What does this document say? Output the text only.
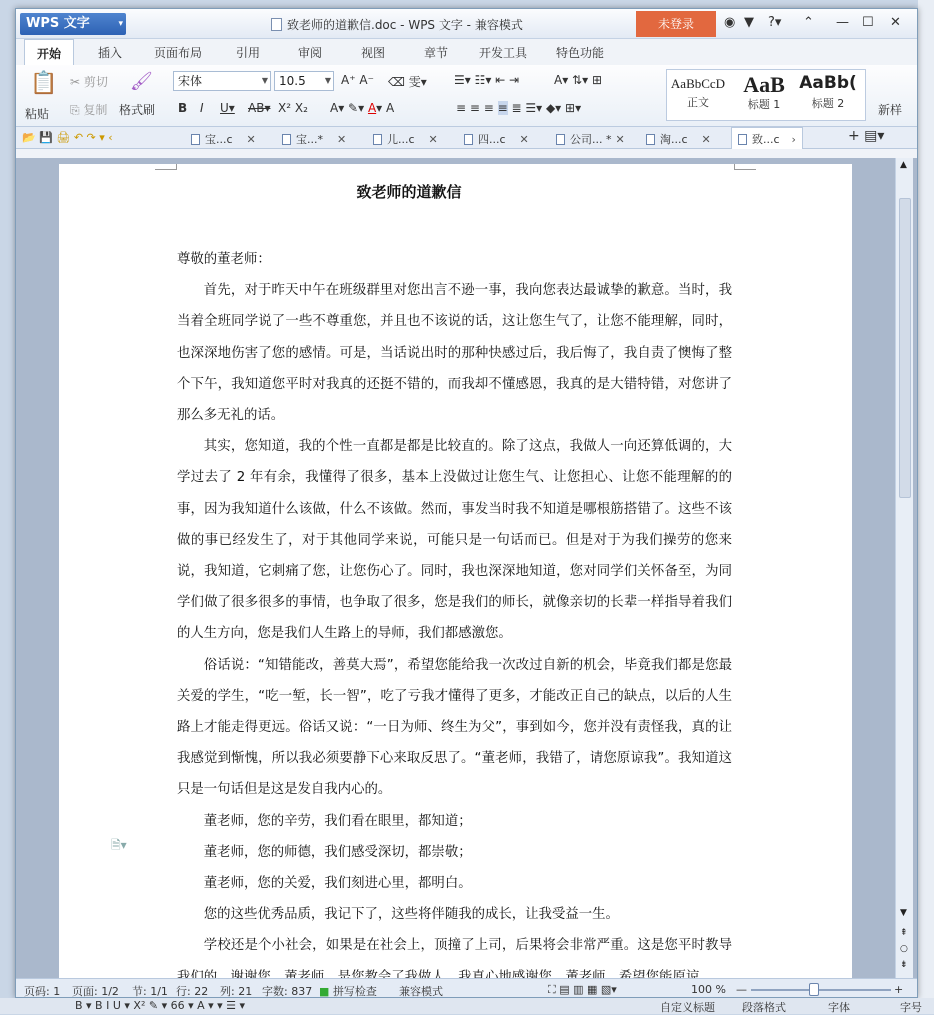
WPS 文字	▾	致老师的道歉信.doc - WPS 文字 - 兼容模式	未登录	◉ ▼ ?▾ ⌃ — ☐ ✕
开始	插入	页面布局	引用	审阅	视图	章节	开发工具 特色功能
📋
粘贴
✂ 剪切
⎘ 复制
🖌
格式刷
宋体	▼ 10.5 ▼ A⁺ A⁻ ⌫ 雯▾
B I U▾ AB▾ X² X₂ A▾ ✎▾ A▾ A
☰▾ ☷▾ ⇤ ⇥	A▾ ⇅▾ ⊞
≡ ≡ ≡ ≡ ≣ ☰▾ ◆▾ ⊞▾
AaBbCcD
正文
AaB
标题 1
AaBb(
标题 2	新样
📂 💾 🖨 ↶ ↷ ▾ ‹	宝...c ✕	宝...* ✕	儿...c ✕	四...c ✕	公司... * ✕	淘...c ✕	致...c ›	+ ▤▾
致老师的道歉信

尊敬的董老师：

首先，对于昨天中午在班级群里对您出言不逊一事，我向您表达最诚挚的歉意。当时，我当着全班同学说了一些不尊重您，并且也不该说的话，这让您生气了，让您不能理解，同时，也深深地伤害了您的感情。可是，当话说出时的那种快感过后，我后悔了，我自责了懊悔了整个下午，我知道您平时对我真的还挺不错的，而我却不懂感恩，我真的是大错特错，对您讲了那么多无礼的话。

其实，您知道，我的个性一直都是都是比较直的。除了这点，我做人一向还算低调的，大学过去了 2 年有余，我懂得了很多，基本上没做过让您生气、让您担心、让您不能理解的的事，因为我知道什么该做，什么不该做。然而，事发当时我不知道是哪根筋搭错了。这些不该做的事已经发生了，对于其他同学来说，可能只是一句话而已。但是对于为我们操劳的您来说，我知道，它刺痛了您，让您伤心了。同时，我也深深地知道，您对同学们关怀备至，为同学们做了很多很多的事情，也争取了很多，您是我们的师长，就像亲切的长辈一样指导着我们的人生方向，您是我们人生路上的导师，我们都感激您。

俗话说：“知错能改，善莫大焉”，希望您能给我一次改过自新的机会，毕竟我们都是您最关爱的学生，“吃一堑，长一智”，吃了亏我才懂得了更多，才能改正自己的缺点，以后的人生路上才能走得更远。俗话又说：“一日为师、终生为父”，事到如今，您并没有责怪我，真的让我感觉到惭愧，所以我必须要静下心来取反思了。“董老师，我错了，请您原谅我”。我知道这只是一句话但是这是发自我内心的。

董老师，您的辛劳，我们看在眼里，都知道；

董老师，您的师德，我们感受深切，都崇敬；

董老师，您的关爱，我们刻进心里，都明白。

您的这些优秀品质，我记下了，这些将伴随我的成长，让我受益一生。

学校还是个小社会，如果是在社会上，顶撞了上司，后果将会非常严重。这是您平时教导

🗎▾
▲
▼
⇞
○
⇟
页码: 1 页面: 1/2 节: 1/1 行: 22 列: 21 字数: 837 ■ 拼写检查 兼容模式	⛶ ▤ ▥ ▦ ▧▾	100 % —	+
B ▾ B I U ▾ X² ✎ ▾ 66 ▾ A ▾ ▾ ☰ ▾	自定义标题 段落格式	字体	字号
